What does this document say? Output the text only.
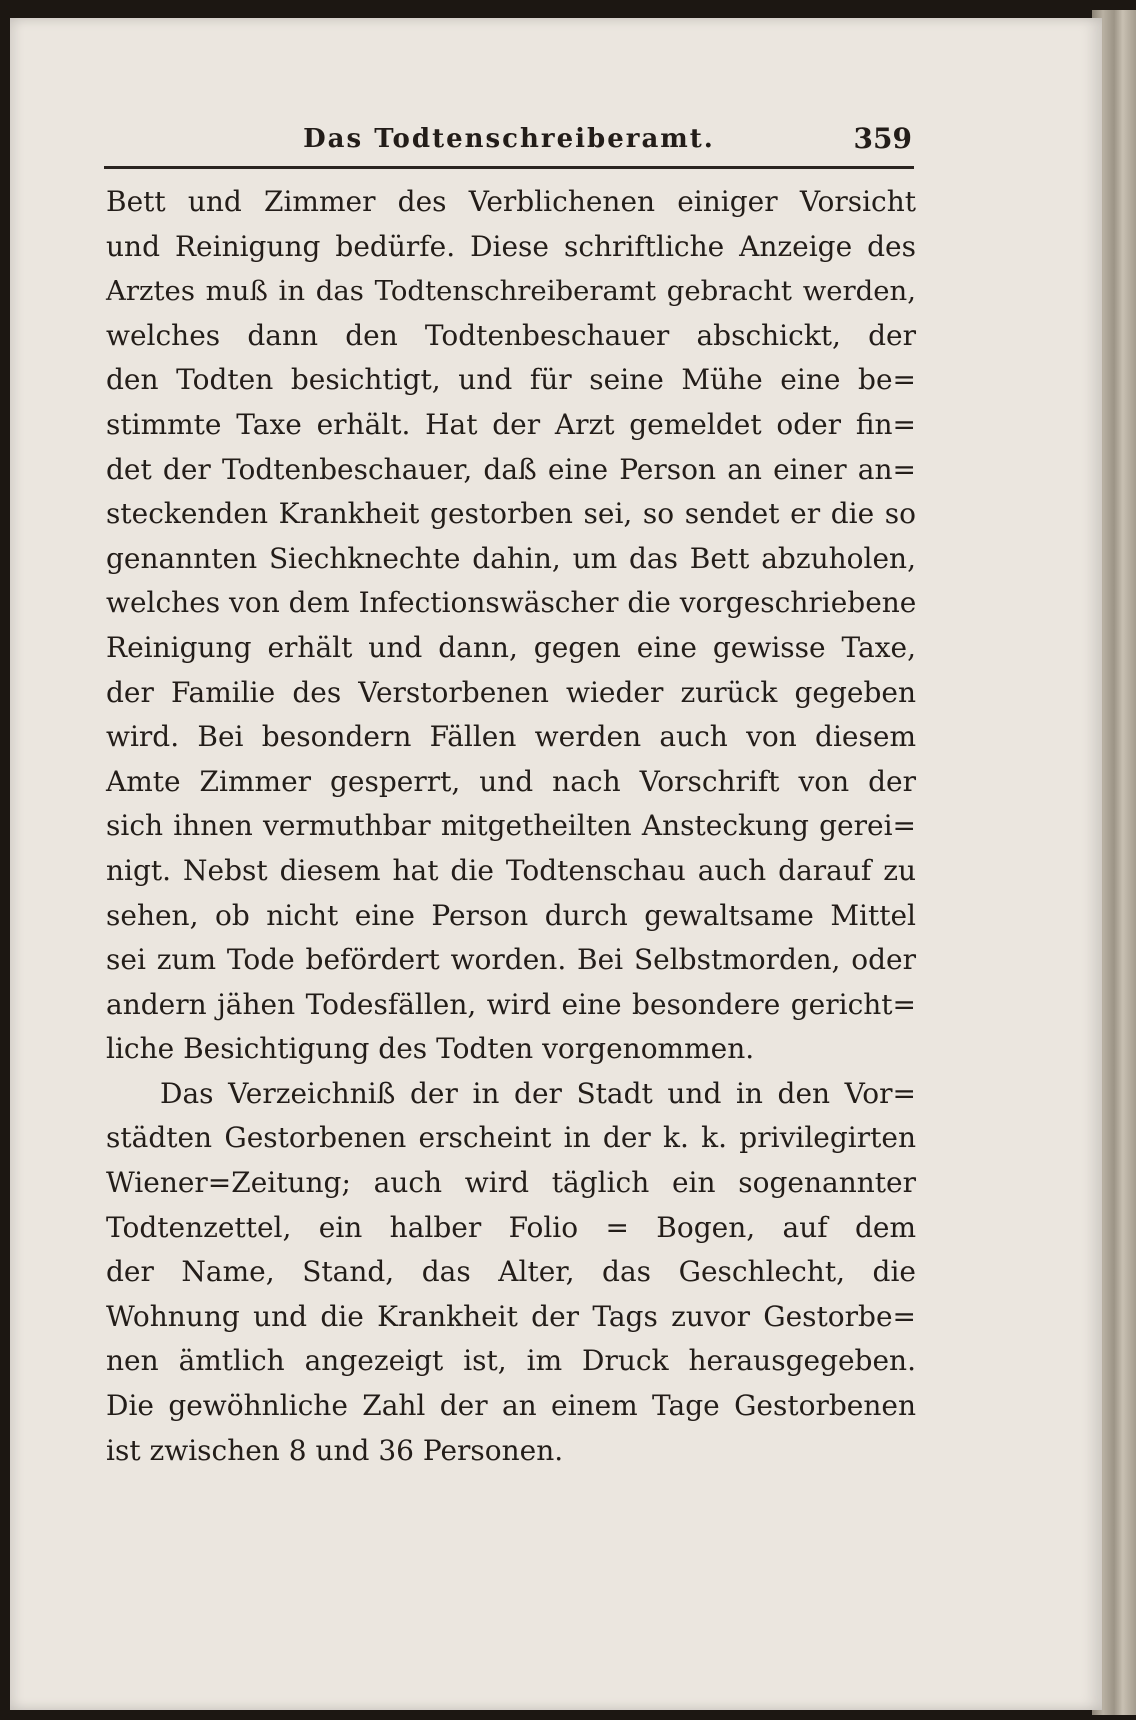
Das Todtenschreiberamt.	359
Bett und Zimmer des Verblichenen einiger Vorsicht
und Reinigung bedürfe. Diese schriftliche Anzeige des
Arztes muß in das Todtenschreiberamt gebracht werden,
welches dann den Todtenbeschauer abschickt, der
den Todten besichtigt, und für seine Mühe eine be=
stimmte Taxe erhält. Hat der Arzt gemeldet oder fin=
det der Todtenbeschauer, daß eine Person an einer an=
steckenden Krankheit gestorben sei, so sendet er die so
genannten Siechknechte dahin, um das Bett abzuholen,
welches von dem Infectionswäscher die vorgeschriebene
Reinigung erhält und dann, gegen eine gewisse Taxe,
der Familie des Verstorbenen wieder zurück gegeben
wird. Bei besondern Fällen werden auch von diesem
Amte Zimmer gesperrt, und nach Vorschrift von der
sich ihnen vermuthbar mitgetheilten Ansteckung gerei=
nigt. Nebst diesem hat die Todtenschau auch darauf zu
sehen, ob nicht eine Person durch gewaltsame Mittel
sei zum Tode befördert worden. Bei Selbstmorden, oder
andern jähen Todesfällen, wird eine besondere gericht=
liche Besichtigung des Todten vorgenommen.
Das Verzeichniß der in der Stadt und in den Vor=
städten Gestorbenen erscheint in der k. k. privilegirten
Wiener=Zeitung; auch wird täglich ein sogenannter
Todtenzettel, ein halber Folio = Bogen, auf dem
der Name, Stand, das Alter, das Geschlecht, die
Wohnung und die Krankheit der Tags zuvor Gestorbe=
nen ämtlich angezeigt ist, im Druck herausgegeben.
Die gewöhnliche Zahl der an einem Tage Gestorbenen
ist zwischen 8 und 36 Personen.
